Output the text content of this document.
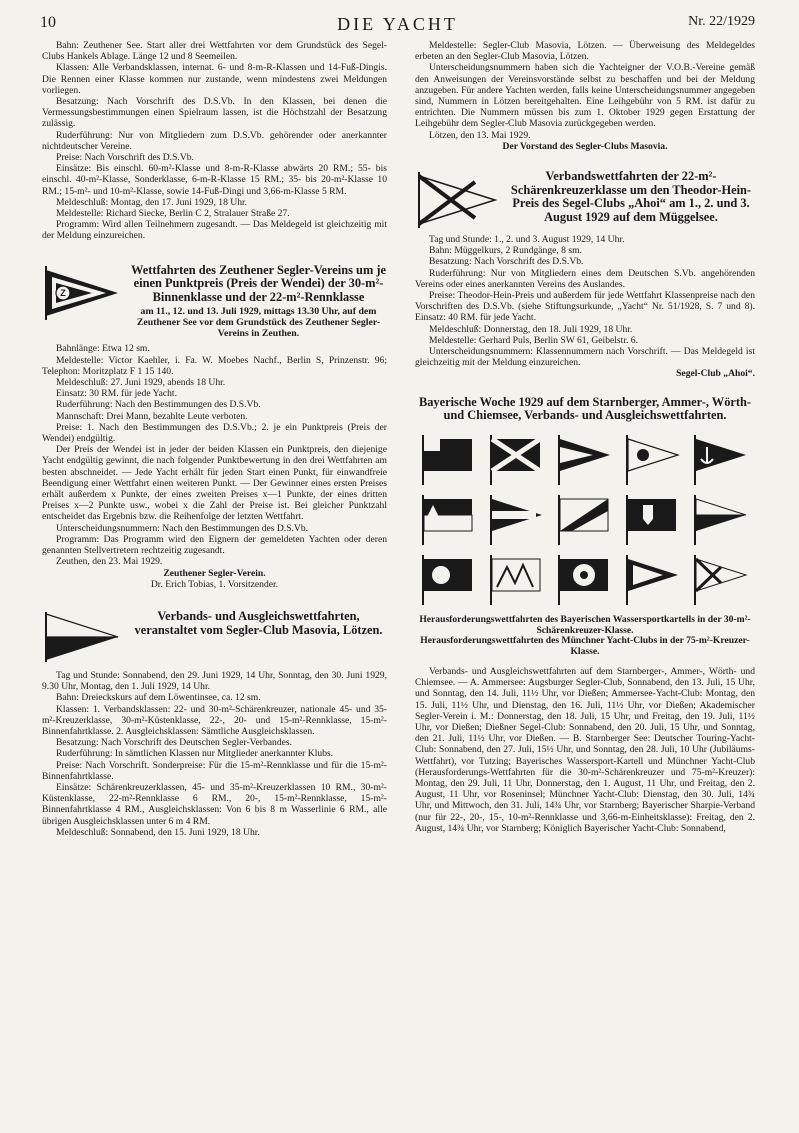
DIE YACHT
10	Nr. 22/1929

Bahn: Zeuthener See. Start aller drei Wettfahrten vor dem Grundstück des Segel-Clubs Hankels Ablage. Länge 12 und 8 Seemeilen.

Klassen: Alle Verbandsklassen, internat. 6- und 8-m-R-Klassen und 14-Fuß-Dingis. Die Rennen einer Klasse kommen nur zustande, wenn mindestens zwei Meldungen vorliegen.

Besatzung: Nach Vorschrift des D.S.Vb. In den Klassen, bei denen die Vermessungsbestimmungen einen Spielraum lassen, ist die Höchstzahl der Besatzung zulässig.

Ruderführung: Nur von Mitgliedern zum D.S.Vb. gehörender oder anerkannter nichtdeutscher Vereine.

Preise: Nach Vorschrift des D.S.Vb.

Einsätze: Bis einschl. 60-m²-Klasse und 8-m-R-Klasse abwärts 20 RM.; 55- bis einschl. 40-m²-Klasse, Sonderklasse, 6-m-R-Klasse 15 RM.; 35- bis 20-m²-Klasse 10 RM.; 15-m²- und 10-m²-Klasse, sowie 14-Fuß-Dingi und 3,66-m-Klasse 5 RM.

Meldeschluß: Montag, den 17. Juni 1929, 18 Uhr.

Meldestelle: Richard Siecke, Berlin C 2, Stralauer Straße 27.

Programm: Wird allen Teilnehmern zugesandt. — Das Meldegeld ist gleichzeitig mit der Meldung einzureichen.

Z
Wettfahrten des Zeuthener Segler-Vereins um je einen Punktpreis (Preis der Wendei) der 30-m²-Binnenklasse und der 22-m²-Rennklasse
am 11., 12. und 13. Juli 1929, mittags 13.30 Uhr, auf dem Zeuthener See vor dem Grundstück des Zeuthener Segler-Vereins in Zeuthen.

Bahnlänge: Etwa 12 sm.

Meldestelle: Victor Kaehler, i. Fa. W. Moebes Nachf., Berlin S, Prinzenstr. 96; Telephon: Moritzplatz F 1 15 140.

Meldeschluß: 27. Juni 1929, abends 18 Uhr.

Einsatz: 30 RM. für jede Yacht.

Ruderführung: Nach den Bestimmungen des D.S.Vb.

Mannschaft: Drei Mann, bezahlte Leute verboten.

Preise: 1. Nach den Bestimmungen des D.S.Vb.; 2. je ein Punktpreis (Preis der Wendei) endgültig.

Der Preis der Wendei ist in jeder der beiden Klassen ein Punktpreis, den diejenige Yacht endgültig gewinnt, die nach folgender Punktbewertung in den drei Wettfahrten am besten abschneidet. — Jede Yacht erhält für jeden Start einen Punkt, für einwandfreie Beendigung einer Wettfahrt einen weiteren Punkt. — Der Gewinner eines ersten Preises erhält außerdem x Punkte, der eines zweiten Preises x—1 Punkte, der eines dritten Preises x—2 Punkte usw., wobei x die Zahl der Preise ist. Bei gleicher Punktzahl entscheidet das Ergebnis bzw. die Reihenfolge der letzten Wettfahrt.

Unterscheidungsnummern: Nach den Bestimmungen des D.S.Vb.

Programm: Das Programm wird den Eignern der gemeldeten Yachten oder deren genannten Stellvertretern rechtzeitig zugesandt.

Zeuthen, den 23. Mai 1929.

Zeuthener Segler-Verein.

Dr. Erich Tobias, 1. Vorsitzender.

Verbands- und Ausgleichswettfahrten, veranstaltet vom Segler-Club Masovia, Lötzen.

Tag und Stunde: Sonnabend, den 29. Juni 1929, 14 Uhr, Sonntag, den 30. Juni 1929, 9.30 Uhr, Montag, den 1. Juli 1929, 14 Uhr.

Bahn: Dreieckskurs auf dem Löwentinsee, ca. 12 sm.

Klassen: 1. Verbandsklassen: 22- und 30-m²-Schärenkreuzer, nationale 45- und 35-m²-Kreuzerklasse, 30-m²-Küstenklasse, 22-, 20- und 15-m²-Rennklasse, 15-m²-Binnenfahrtklasse. 2. Ausgleichsklassen: Sämtliche Ausgleichsklassen.

Besatzung: Nach Vorschrift des Deutschen Segler-Verbandes.

Ruderführung: In sämtlichen Klassen nur Mitglieder anerkannter Klubs.

Preise: Nach Vorschrift. Sonderpreise: Für die 15-m²-Rennklasse und für die 15-m²-Binnenfahrtklasse.

Einsätze: Schärenkreuzerklassen, 45- und 35-m²-Kreuzerklassen 10 RM., 30-m²-Küstenklasse, 22-m²-Rennklasse 6 RM., 20-, 15-m²-Rennklasse, 15-m²-Binnenfahrtklasse 4 RM., Ausgleichsklassen: Von 6 bis 8 m Wasserlinie 6 RM., alle übrigen Ausgleichsklassen unter 6 m 4 RM.

Meldeschluß: Sonnabend, den 15. Juni 1929, 18 Uhr.

Meldestelle: Segler-Club Masovia, Lötzen. — Überweisung des Meldegeldes erbeten an den Segler-Club Masovia, Lötzen.

Unterscheidungsnummern haben sich die Yachteigner der V.O.B.-Vereine gemäß den Anweisungen der Vereinsvorstände selbst zu beschaffen und bei der Meldung anzugeben. Für andere Yachten werden, falls keine Unterscheidungsnummer angegeben sind, Nummern in Lötzen bereitgehalten. Eine Leihgebühr von 5 RM. ist dafür zu entrichten. Die Nummern müssen bis zum 1. Oktober 1929 gegen Erstattung der Leihgebühr dem Segler-Club Masovia zurückgegeben werden.

Lötzen, den 13. Mai 1929.

Der Vorstand des Segler-Clubs Masovia.

Verbandswettfahrten der 22-m²-Schärenkreuzerklasse um den Theodor-Hein-Preis des Segel-Clubs „Ahoi“ am 1., 2. und 3. August 1929 auf dem Müggelsee.

Tag und Stunde: 1., 2. und 3. August 1929, 14 Uhr.

Bahn: Müggelkurs, 2 Rundgänge, 8 sm.

Besatzung: Nach Vorschrift des D.S.Vb.

Ruderführung: Nur von Mitgliedern eines dem Deutschen S.Vb. angehörenden Vereins oder eines anerkannten Vereins des Auslandes.

Preise: Theodor-Hein-Preis und außerdem für jede Wettfahrt Klassenpreise nach den Vorschriften des D.S.Vb. (siehe Stiftungsurkunde, „Yacht“ Nr. 51/1928, S. 7 und 8). Einsatz: 40 RM. für jede Yacht.

Meldeschluß: Donnerstag, den 18. Juli 1929, 18 Uhr.

Meldestelle: Gerhard Puls, Berlin SW 61, Geibelstr. 6.

Unterscheidungsnummern: Klassennummern nach Vorschrift. — Das Meldegeld ist gleichzeitig mit der Meldung einzureichen.

Segel-Club „Ahoi“.

Bayerische Woche 1929 auf dem Starnberger, Ammer-, Wörth- und Chiemsee, Verbands- und Ausgleichswettfahrten.
Herausforderungswettfahrten des Bayerischen Wassersportkartells in der 30-m²-Schärenkreuzer-Klasse.
Herausforderungswettfahrten des Münchner Yacht-Clubs in der 75-m²-Kreuzer-Klasse.

Verbands- und Ausgleichswettfahrten auf dem Starnberger-, Ammer-, Wörth- und Chiemsee. — A. Ammersee: Augsburger Segler-Club, Sonnabend, den 13. Juli, 15 Uhr, und Sonntag, den 14. Juli, 11½ Uhr, vor Dießen; Ammersee-Yacht-Club: Montag, den 15. Juli, 11½ Uhr, und Dienstag, den 16. Juli, 11½ Uhr, vor Dießen; Akademischer Segler-Verein i. M.: Donnerstag, den 18. Juli, 15 Uhr, und Freitag, den 19. Juli, 11½ Uhr, vor Dießen; Dießner Segel-Club: Sonnabend, den 20. Juli, 15 Uhr, und Sonntag, den 21. Juli, 11½ Uhr, vor Dießen. — B. Starnberger See: Deutscher Touring-Yacht-Club: Sonnabend, den 27. Juli, 15½ Uhr, und Sonntag, den 28. Juli, 10 Uhr (Jubiläums-Wettfahrt), vor Tutzing; Bayerisches Wassersport-Kartell und Münchner Yacht-Club (Herausforderungs-Wettfahrten für die 30-m²-Schärenkreuzer und 75-m²-Kreuzer): Montag, den 29. Juli, 11 Uhr, Donnerstag, den 1. August, 11 Uhr, und Freitag, den 2. August, 11 Uhr, vor Roseninsel; Münchner Yacht-Club: Dienstag, den 30. Juli, 14¾ Uhr, und Mittwoch, den 31. Juli, 14¾ Uhr, vor Starnberg; Bayerischer Sharpie-Verband (nur für 22-, 20-, 15-, 10-m²-Rennklasse und 3,66-m-Einheitsklasse): Freitag, den 2. August, 14¾ Uhr, vor Starnberg; Königlich Bayerischer Yacht-Club: Sonnabend,
